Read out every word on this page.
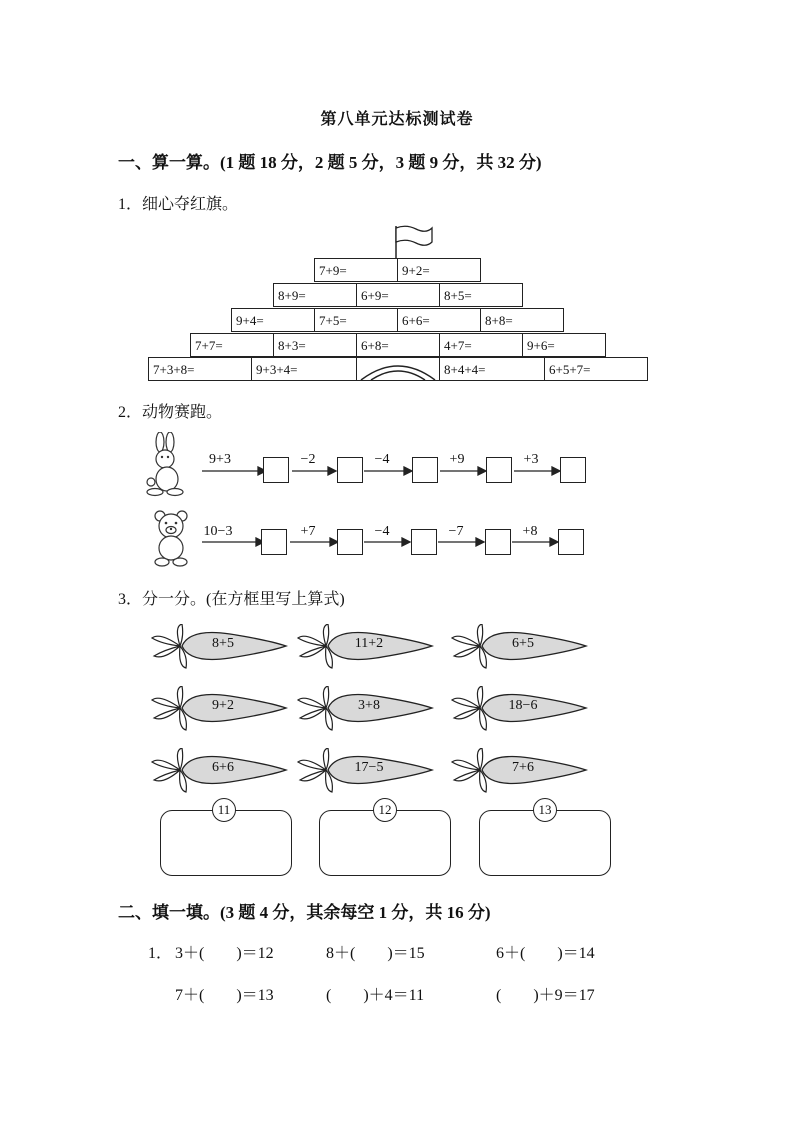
第八单元达标测试卷
一、算一算。(1 题 18 分，2 题 5 分，3 题 9 分，共 32 分)
1．细心夺红旗。
7+9=	9+2=
8+9=	6+9=	8+5=
9+4=	7+5=	6+6=	8+8=
7+7=	8+3=	6+8=	4+7=	9+6=
7+3+8=	9+3+4=	8+4+4=	6+5+7=
2．动物赛跑。
9+3	−2	−4	+9	+3
10−3	+7	−4	−7	+8
3．分一分。(在方框里写上算式)
8+5	11+2	6+5
9+2	3+8	18−6
6+6	17−5	7+6
11	12	13
二、填一填。(3 题 4 分，其余每空 1 分，共 16 分)
1． 3＋(　　)＝12	8＋(　　)＝15	6＋(　　)＝14
7＋(　　)＝13	(　　)＋4＝11	(　　)＋9＝17
